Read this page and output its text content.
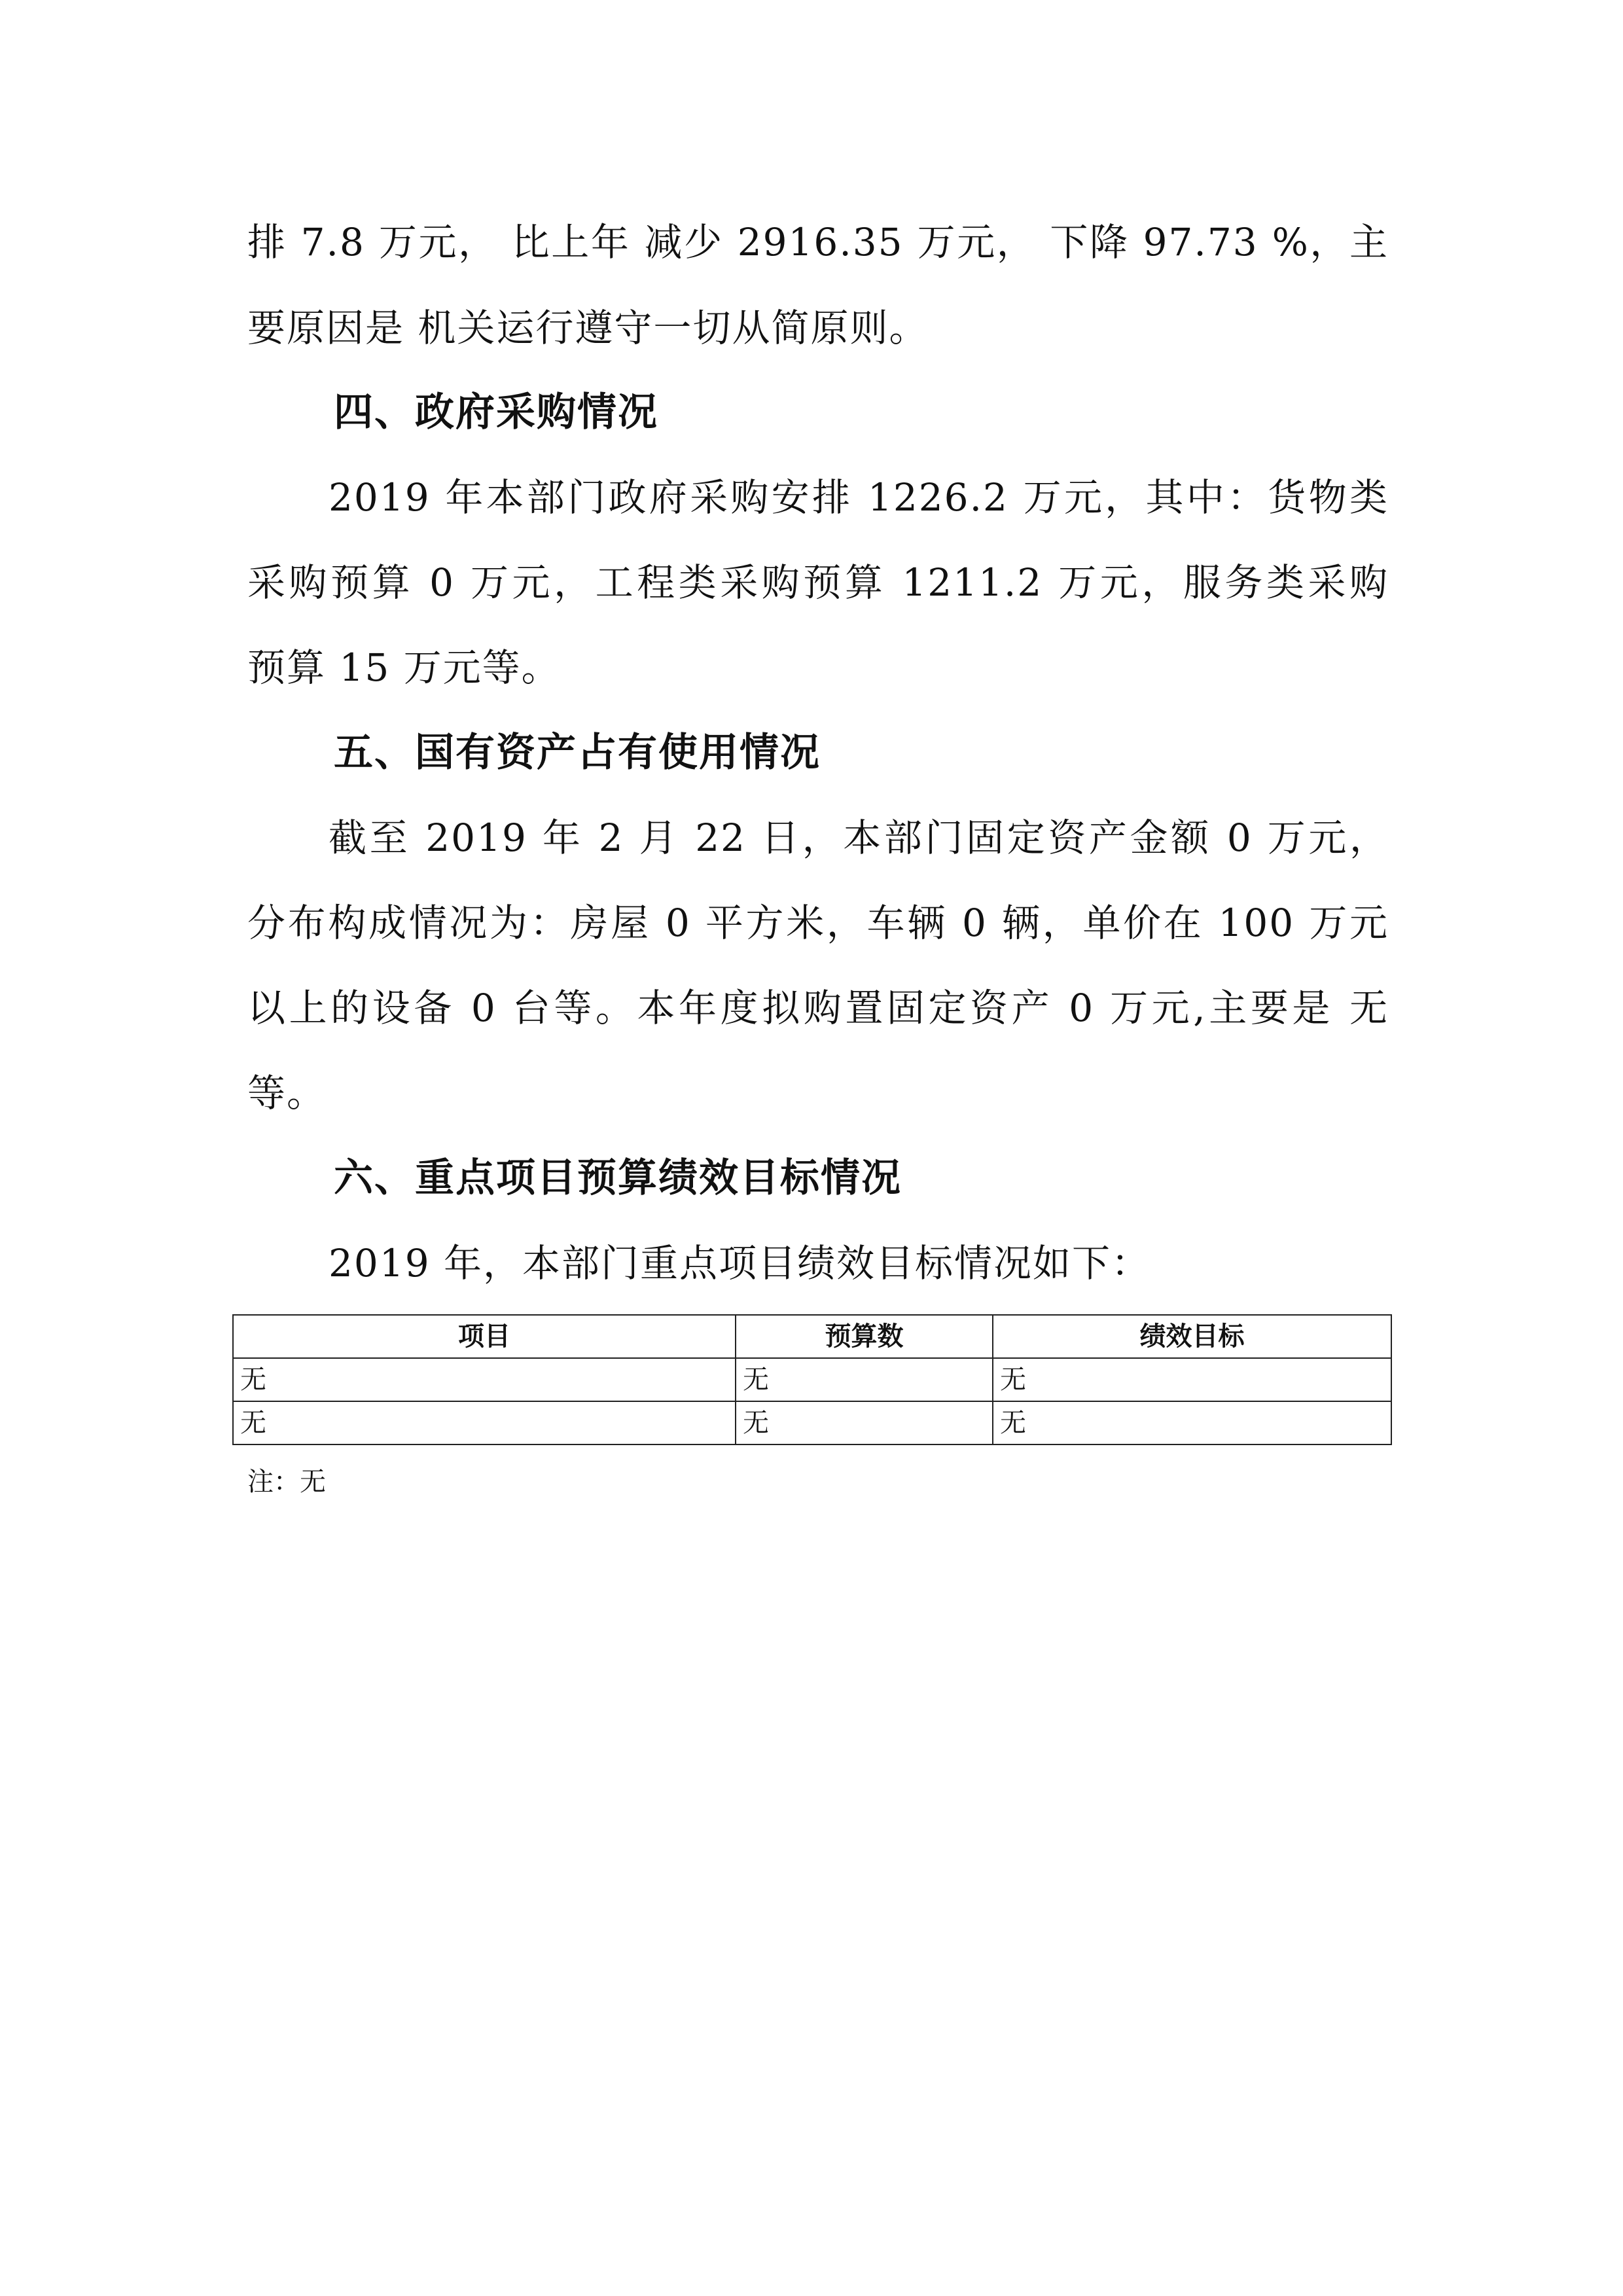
排 7.8 万元， 比上年 减少 2916.35 万元， 下降 97.73 %，主
要原因是 机关运行遵守一切从简原则。
四、政府采购情况
2019 年本部门政府采购安排 1226.2 万元，其中：货物类
采购预算 0 万元，工程类采购预算 1211.2 万元，服务类采购
预算 15 万元等。
五、国有资产占有使用情况
截至 2019 年 2 月 22 日，本部门固定资产金额 0 万元，
分布构成情况为：房屋 0 平方米，车辆 0 辆，单价在 100 万元
以上的设备 0 台等。本年度拟购置固定资产 0 万元,主要是 无
等。
六、重点项目预算绩效目标情况
2019 年，本部门重点项目绩效目标情况如下：
项目	预算数	绩效目标
无	无	无
无	无	无
注：无
